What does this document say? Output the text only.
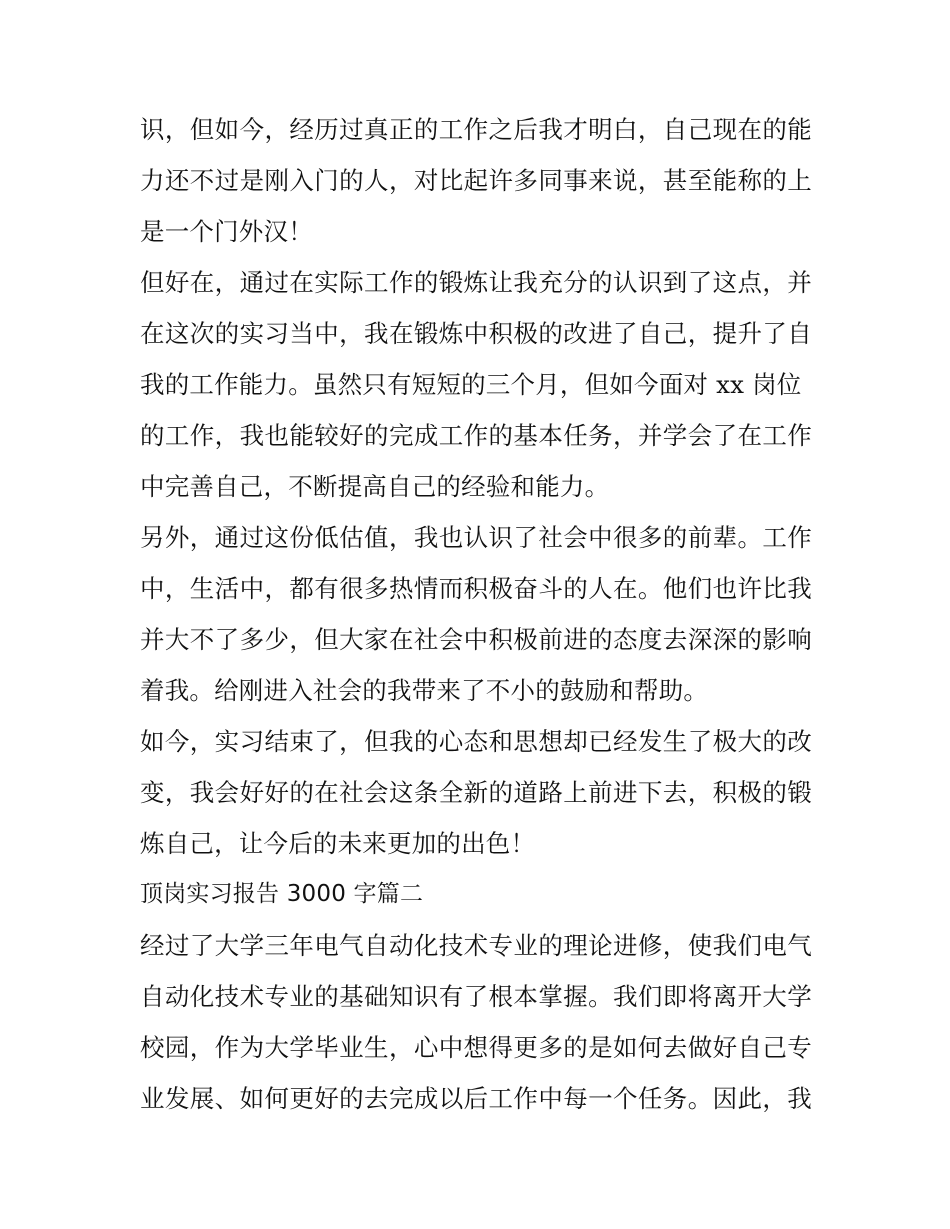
识，但如今，经历过真正的工作之后我才明白，自己现在的能
力还不过是刚入门的人，对比起许多同事来说，甚至能称的上
是一个门外汉！
但好在，通过在实际工作的锻炼让我充分的认识到了这点，并
在这次的实习当中，我在锻炼中积极的改进了自己，提升了自
我的工作能力。虽然只有短短的三个月，但如今面对 xx 岗位
的工作，我也能较好的完成工作的基本任务，并学会了在工作
中完善自己，不断提高自己的经验和能力。
另外，通过这份低估值，我也认识了社会中很多的前辈。工作
中，生活中，都有很多热情而积极奋斗的人在。他们也许比我
并大不了多少，但大家在社会中积极前进的态度去深深的影响
着我。给刚进入社会的我带来了不小的鼓励和帮助。
如今，实习结束了，但我的心态和思想却已经发生了极大的改
变，我会好好的在社会这条全新的道路上前进下去，积极的锻
炼自己，让今后的未来更加的出色！
顶岗实习报告 3000 字篇二
经过了大学三年电气自动化技术专业的理论进修，使我们电气
自动化技术专业的基础知识有了根本掌握。我们即将离开大学
校园，作为大学毕业生，心中想得更多的是如何去做好自己专
业发展、如何更好的去完成以后工作中每一个任务。因此，我
